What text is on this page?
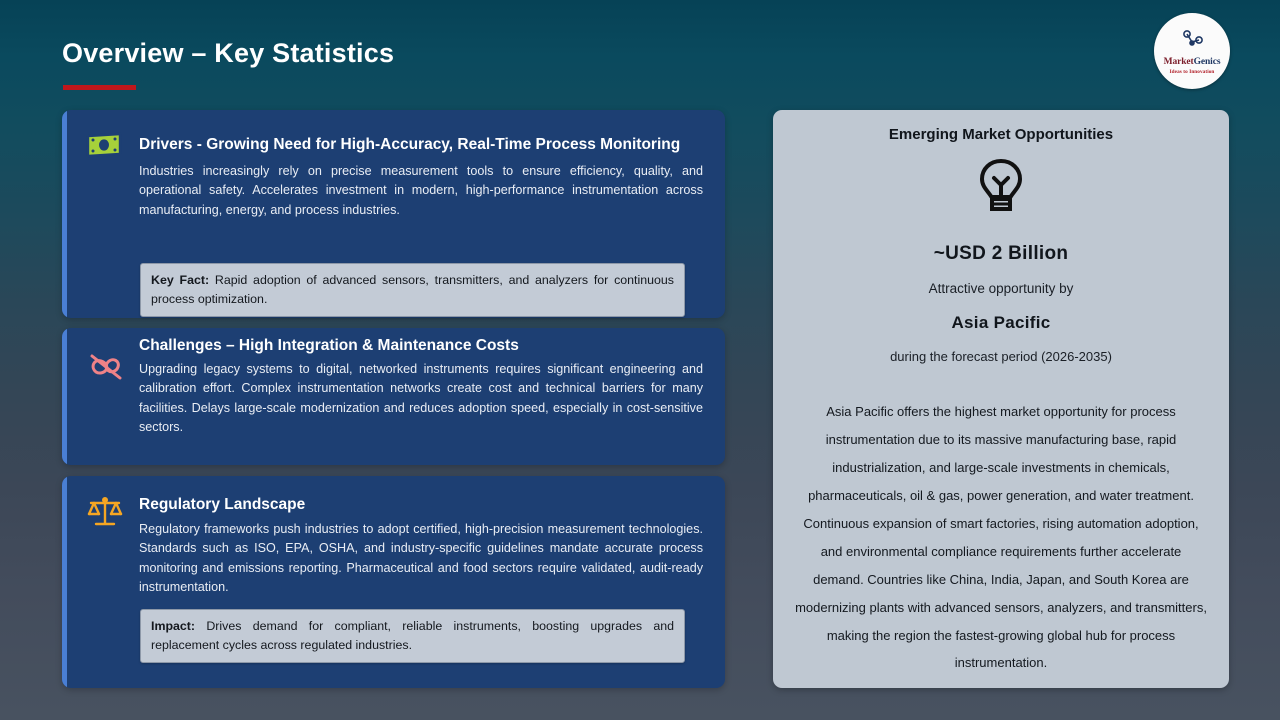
Overview – Key Statistics	MarketGenics
Ideas to Innovation

Drivers - Growing Need for High-Accuracy, Real-Time Process Monitoring

Industries increasingly rely on precise measurement tools to ensure efficiency, quality, and operational safety. Accelerates investment in modern, high-performance instrumentation across manufacturing, energy, and process industries.

Key Fact: Rapid adoption of advanced sensors, transmitters, and analyzers for continuous process optimization.

Challenges – High Integration & Maintenance Costs

Upgrading legacy systems to digital, networked instruments requires significant engineering and calibration effort. Complex instrumentation networks create cost and technical barriers for many facilities. Delays large-scale modernization and reduces adoption speed, especially in cost-sensitive sectors.

Regulatory Landscape

Regulatory frameworks push industries to adopt certified, high-precision measurement technologies. Standards such as ISO, EPA, OSHA, and industry-specific guidelines mandate accurate process monitoring and emissions reporting. Pharmaceutical and food sectors require validated, audit-ready instrumentation.

Impact: Drives demand for compliant, reliable instruments, boosting upgrades and replacement cycles across regulated industries.
Emerging Market Opportunities
~USD 2 Billion
Attractive opportunity by
Asia Pacific
during the forecast period (2026-2035)
Asia Pacific offers the highest market opportunity for process instrumentation due to its massive manufacturing base, rapid industrialization, and large-scale investments in chemicals, pharmaceuticals, oil & gas, power generation, and water treatment. Continuous expansion of smart factories, rising automation adoption, and environmental compliance requirements further accelerate demand. Countries like China, India, Japan, and South Korea are modernizing plants with advanced sensors, analyzers, and transmitters, making the region the fastest-growing global hub for process instrumentation.
